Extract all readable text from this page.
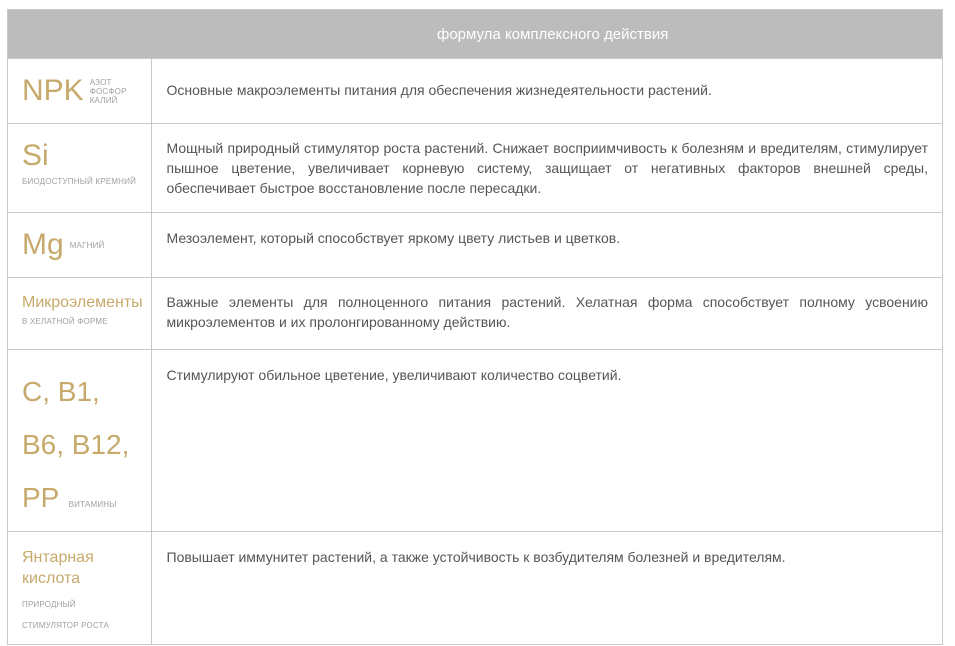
	формула комплексного действия

NPK АЗОТ
ФОСФОР
КАЛИЙ	Основные макроэлементы питания для обеспечения жизнедеятельности растений.

Si
БИОДОСТУПНЫЙ КРЕМНИЙ	Мощный природный стимулятор роста растений. Снижает восприимчивость к болезням и вредителям, стимулирует пышное цветение, увеличивает корневую систему, защищает от негативных факторов внешней среды, обеспечивает быстрое восстановление после пересадки.

Mg МАГНИЙ	Мезоэлемент, который способствует яркому цвету листьев и цветков.

Микроэлементы
В ХЕЛАТНОЙ ФОРМЕ	Важные элементы для полноценного питания растений. Хелатная форма способствует полному усвоению микроэлементов и их пролонгированному действию.

C, B1,
B6, B12,
PP ВИТАМИНЫ	Стимулируют обильное цветение, увеличивают количество соцветий.

Янтарная
кислота
ПРИРОДНЫЙ
СТИМУЛЯТОР РОСТА	Повышает иммунитет растений, а также устойчивость к возбудителям болезней и вредителям.
